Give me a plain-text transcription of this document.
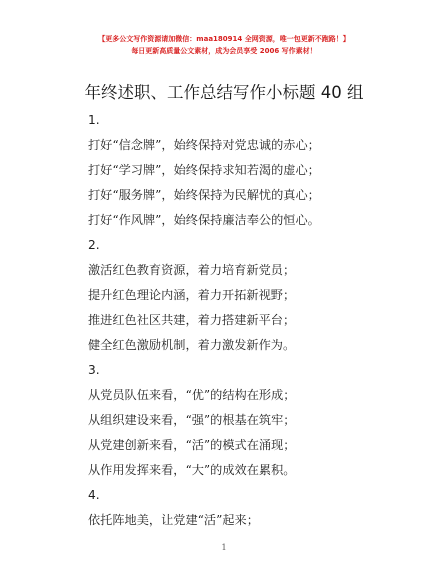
【更多公文写作资源请加微信：maa180914 全网资源，唯一包更新不跑路！】
每日更新高质量公文素材，成为会员享受 2006 写作素材！
年终述职、工作总结写作小标题 40 组
1.
打好“信念牌”，始终保持对党忠诚的赤心；
打好“学习牌”，始终保持求知若渴的虚心；
打好“服务牌”，始终保持为民解忧的真心；
打好“作风牌”，始终保持廉洁奉公的恒心。
2.
激活红色教育资源，着力培育新党员；
提升红色理论内涵，着力开拓新视野；
推进红色社区共建，着力搭建新平台；
健全红色激励机制，着力激发新作为。
3.
从党员队伍来看，“优”的结构在形成；
从组织建设来看，“强”的根基在筑牢；
从党建创新来看，“活”的模式在涌现；
从作用发挥来看，“大”的成效在累积。
4.
依托阵地美，让党建“活”起来；
1
